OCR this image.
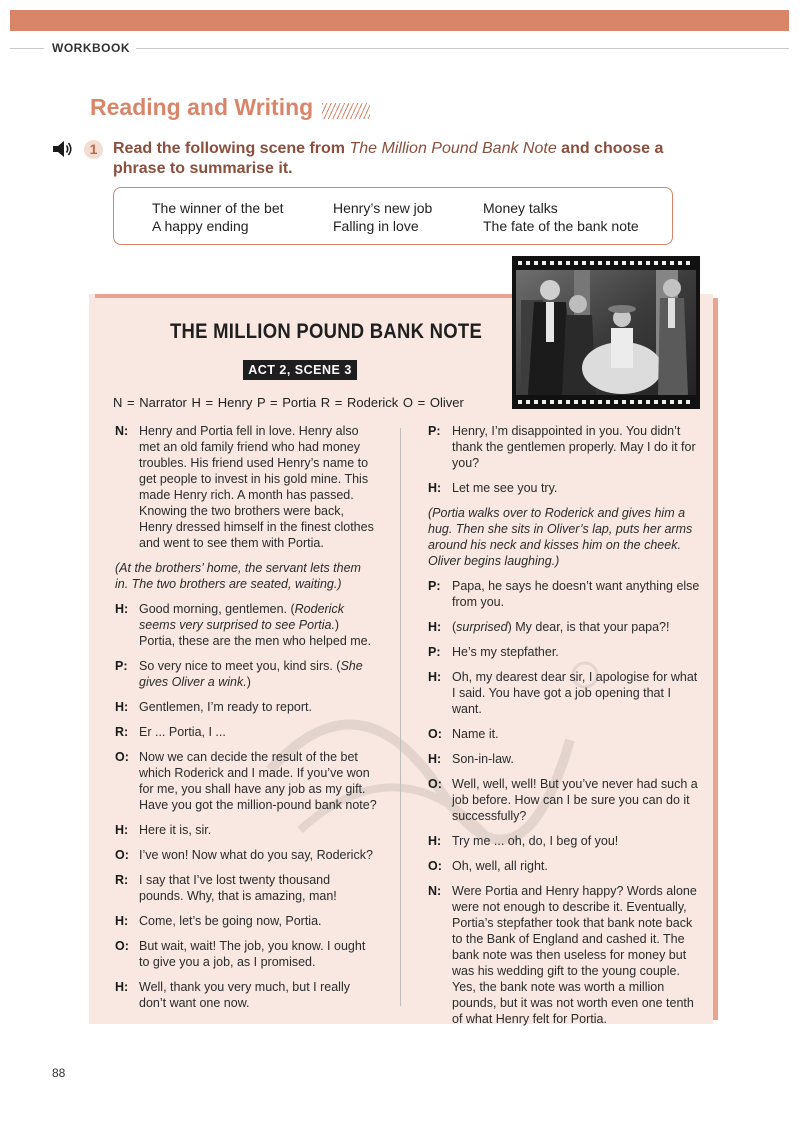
WORKBOOK
Reading and Writing
1 Read the following scene from The Million Pound Bank Note and choose a phrase to summarise it.
The winner of the bet	Henry’s new job	Money talks
A happy ending	Falling in love	The fate of the bank note
THE MILLION POUND BANK NOTE
ACT 2, SCENE 3
N = Narrator H = Henry P = Portia R = Roderick O = Oliver
N: Henry and Portia fell in love. Henry also met an old family friend who had money troubles. His friend used Henry’s name to get people to invest in his gold mine. This made Henry rich. A month has passed. Knowing the two brothers were back, Henry dressed himself in the finest clothes and went to see them with Portia.
(At the brothers’ home, the servant lets them in. The two brothers are seated, waiting.)
H: Good morning, gentlemen. (Roderick seems very surprised to see Portia.) Portia, these are the men who helped me.
P: So very nice to meet you, kind sirs. (She gives Oliver a wink.)
H: Gentlemen, I’m ready to report.
R: Er ... Portia, I ...
O: Now we can decide the result of the bet which Roderick and I made. If you’ve won for me, you shall have any job as my gift. Have you got the million-pound bank note?
H: Here it is, sir.
O: I’ve won! Now what do you say, Roderick?
R: I say that I’ve lost twenty thousand pounds. Why, that is amazing, man!
H: Come, let’s be going now, Portia.
O: But wait, wait! The job, you know. I ought to give you a job, as I promised.
H: Well, thank you very much, but I really don’t want one now.
P: Henry, I’m disappointed in you. You didn’t thank the gentlemen properly. May I do it for you?
H: Let me see you try.
(Portia walks over to Roderick and gives him a hug. Then she sits in Oliver’s lap, puts her arms around his neck and kisses him on the cheek. Oliver begins laughing.)
P: Papa, he says he doesn’t want anything else from you.
H: (surprised) My dear, is that your papa?!
P: He’s my stepfather.
H: Oh, my dearest dear sir, I apologise for what I said. You have got a job opening that I want.
O: Name it.
H: Son-in-law.
O: Well, well, well! But you’ve never had such a job before. How can I be sure you can do it successfully?
H: Try me ... oh, do, I beg of you!
O: Oh, well, all right.
N: Were Portia and Henry happy? Words alone were not enough to describe it. Eventually, Portia’s stepfather took that bank note back to the Bank of England and cashed it. The bank note was then useless for money but was his wedding gift to the young couple. Yes, the bank note was worth a million pounds, but it was not worth even one tenth of what Henry felt for Portia.
88
